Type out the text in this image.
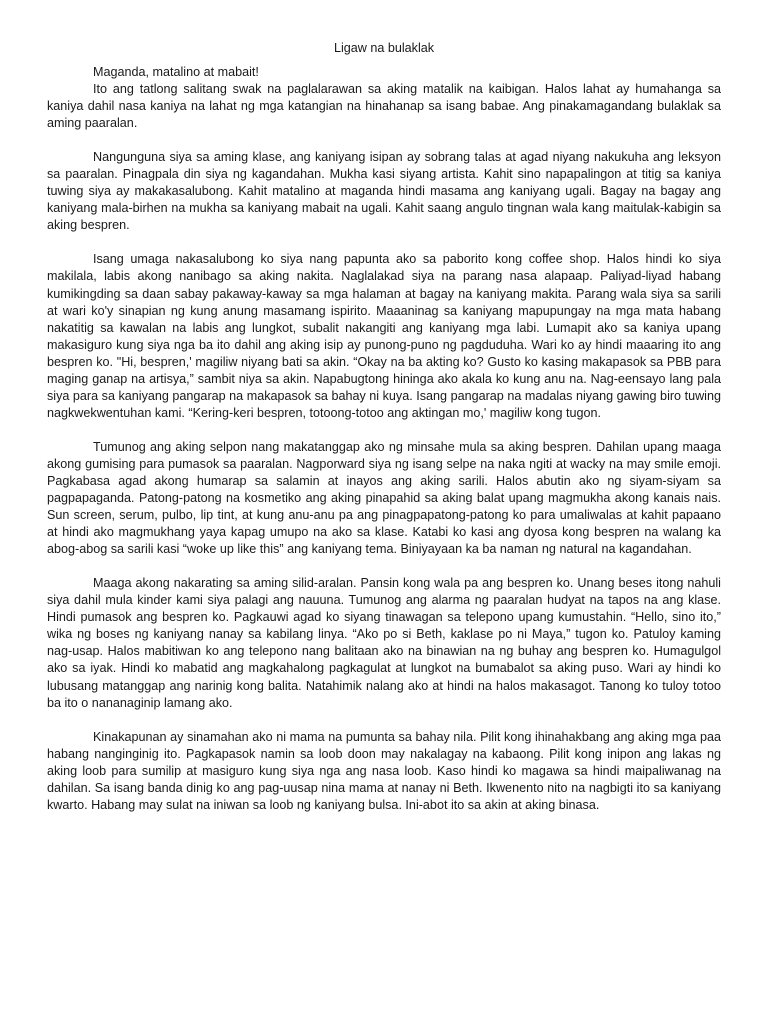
Ligaw na bulaklak

Maganda, matalino at mabait!

Ito ang tatlong salitang swak na paglalarawan sa aking matalik na kaibigan. Halos lahat ay humahanga sa kaniya dahil nasa kaniya na lahat ng mga katangian na hinahanap sa isang babae. Ang pinakamagandang bulaklak sa aming paaralan.

Nangunguna siya sa aming klase, ang kaniyang isipan ay sobrang talas at agad niyang nakukuha ang leksyon sa paaralan. Pinagpala din siya ng kagandahan. Mukha kasi siyang artista. Kahit sino napapalingon at titig sa kaniya tuwing siya ay makakasalubong. Kahit matalino at maganda hindi masama ang kaniyang ugali. Bagay na bagay ang kaniyang mala-birhen na mukha sa kaniyang mabait na ugali. Kahit saang angulo tingnan wala kang maitulak-kabigin sa aking bespren.

Isang umaga nakasalubong ko siya nang papunta ako sa paborito kong coffee shop. Halos hindi ko siya makilala, labis akong nanibago sa aking nakita. Naglalakad siya na parang nasa alapaap. Paliyad-liyad habang kumikingding sa daan sabay pakaway-kaway sa mga halaman at bagay na kaniyang makita. Parang wala siya sa sarili at wari ko'y sinapian ng kung anung masamang ispirito. Maaaninag sa kaniyang mapupungay na mga mata habang nakatitig sa kawalan na labis ang lungkot, subalit nakangiti ang kaniyang mga labi. Lumapit ako sa kaniya upang makasiguro kung siya nga ba ito dahil ang aking isip ay punong-puno ng pagduduha. Wari ko ay hindi maaaring ito ang bespren ko. "Hi, bespren,' magiliw niyang bati sa akin. “Okay na ba akting ko? Gusto ko kasing makapasok sa PBB para maging ganap na artisya,” sambit niya sa akin. Napabugtong hininga ako akala ko kung anu na. Nag-eensayo lang pala siya para sa kaniyang pangarap na makapasok sa bahay ni kuya. Isang pangarap na madalas niyang gawing biro tuwing nagkwekwentuhan kami. “Kering-keri bespren, totoong-totoo ang aktingan mo,' magiliw kong tugon.

Tumunog ang aking selpon nang makatanggap ako ng minsahe mula sa aking bespren. Dahilan upang maaga akong gumising para pumasok sa paaralan. Nagporward siya ng isang selpe na naka ngiti at wacky na may smile emoji. Pagkabasa agad akong humarap sa salamin at inayos ang aking sarili. Halos abutin ako ng siyam-siyam sa pagpapaganda. Patong-patong na kosmetiko ang aking pinapahid sa aking balat upang magmukha akong kanais nais. Sun screen, serum, pulbo, lip tint, at kung anu-anu pa ang pinagpapatong-patong ko para umaliwalas at kahit papaano at hindi ako magmukhang yaya kapag umupo na ako sa klase. Katabi ko kasi ang dyosa kong bespren na walang ka abog-abog sa sarili kasi “woke up like this” ang kaniyang tema. Biniyayaan ka ba naman ng natural na kagandahan.

Maaga akong nakarating sa aming silid-aralan. Pansin kong wala pa ang bespren ko. Unang beses itong nahuli siya dahil mula kinder kami siya palagi ang nauuna. Tumunog ang alarma ng paaralan hudyat na tapos na ang klase. Hindi pumasok ang bespren ko. Pagkauwi agad ko siyang tinawagan sa telepono upang kumustahin. “Hello, sino ito,” wika ng boses ng kaniyang nanay sa kabilang linya. “Ako po si Beth, kaklase po ni Maya,” tugon ko. Patuloy kaming nag-usap. Halos mabitiwan ko ang telepono nang balitaan ako na binawian na ng buhay ang bespren ko. Humagulgol ako sa iyak. Hindi ko mabatid ang magkahalong pagkagulat at lungkot na bumabalot sa aking puso. Wari ay hindi ko lubusang matanggap ang narinig kong balita. Natahimik nalang ako at hindi na halos makasagot. Tanong ko tuloy totoo ba ito o nananaginip lamang ako.

Kinakapunan ay sinamahan ako ni mama na pumunta sa bahay nila. Pilit kong ihinahakbang ang aking mga paa habang nanginginig ito. Pagkapasok namin sa loob doon may nakalagay na kabaong. Pilit kong inipon ang lakas ng aking loob para sumilip at masiguro kung siya nga ang nasa loob. Kaso hindi ko magawa sa hindi maipaliwanag na dahilan. Sa isang banda dinig ko ang pag-uusap nina mama at nanay ni Beth. Ikwenento nito na nagbigti ito sa kaniyang kwarto. Habang may sulat na iniwan sa loob ng kaniyang bulsa. Ini-abot ito sa akin at aking binasa.
